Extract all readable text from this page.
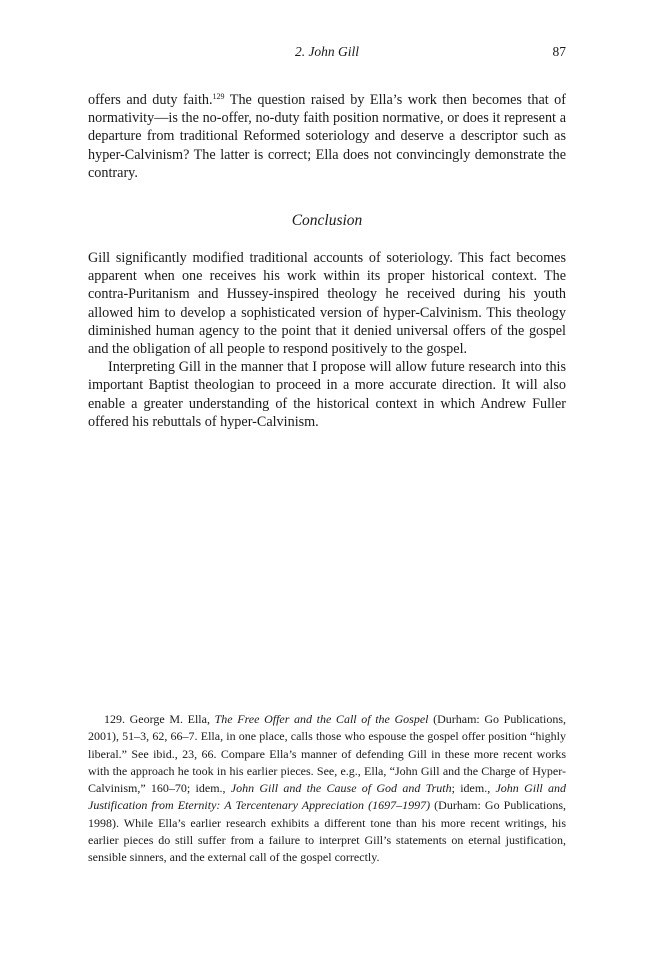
2. John Gill	87

offers and duty faith.$^{129}$ The question raised by Ella’s work then becomes that of normativity—is the no-offer, no-duty faith position normative, or does it represent a departure from traditional Reformed soteriology and deserve a descriptor such as hyper-Calvinism? The latter is correct; Ella does not convincingly demonstrate the contrary.

Conclusion

Gill significantly modified traditional accounts of soteriology. This fact becomes apparent when one receives his work within its proper historical context. The contra-Puritanism and Hussey-inspired theology he received during his youth allowed him to develop a sophisticated version of hyper-Calvinism. This theology diminished human agency to the point that it denied universal offers of the gospel and the obligation of all people to respond positively to the gospel.

Interpreting Gill in the manner that I propose will allow future research into this important Baptist theologian to proceed in a more accurate direction. It will also enable a greater understanding of the historical context in which Andrew Fuller offered his rebuttals of hyper-Calvinism.

129. George M. Ella, The Free Offer and the Call of the Gospel (Durham: Go Publications, 2001), 51–3, 62, 66–7. Ella, in one place, calls those who espouse the gospel offer position “highly liberal.” See ibid., 23, 66. Compare Ella’s manner of defending Gill in these more recent works with the approach he took in his earlier pieces. See, e.g., Ella, “John Gill and the Charge of Hyper-Calvinism,” 160–70; idem., John Gill and the Cause of God and Truth; idem., John Gill and Justification from Eternity: A Tercentenary Appreciation (1697–1997) (Durham: Go Publications, 1998). While Ella’s earlier research exhibits a different tone than his more recent writings, his earlier pieces do still suffer from a failure to interpret Gill’s statements on eternal justification, sensible sinners, and the external call of the gospel correctly.
